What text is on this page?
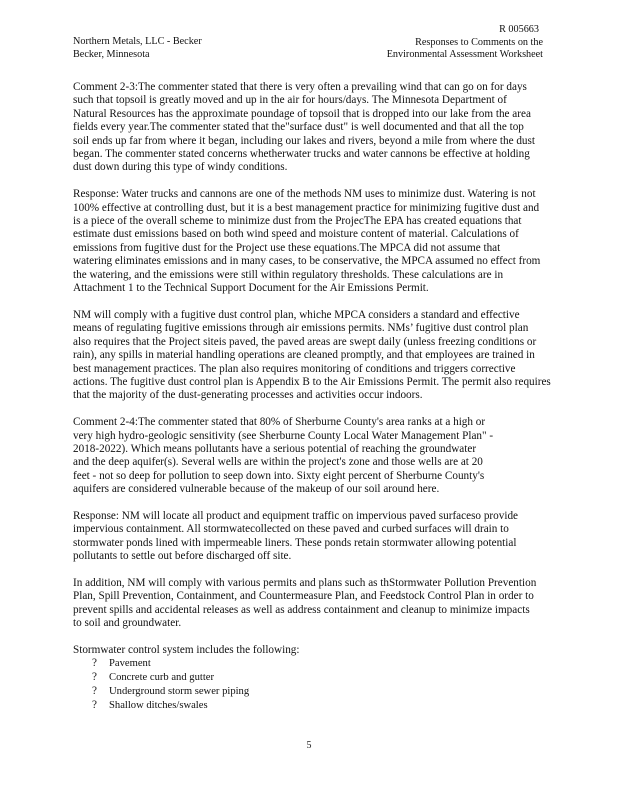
Northern Metals, LLC - Becker
Becker, Minnesota
R 005663
Responses to Comments on the
Environmental Assessment Worksheet

Comment 2-3:The commenter stated that there is very often a prevailing wind that can go on for days
such that topsoil is greatly moved and up in the air for hours/days. The Minnesota Department of
Natural Resources has the approximate poundage of topsoil that is dropped into our lake from the area
fields every year.The commenter stated that the"surface dust" is well documented and that all the top
soil ends up far from where it began, including our lakes and rivers, beyond a mile from where the dust
began. The commenter stated concerns whetherwater trucks and water cannons be effective at holding
dust down during this type of windy conditions.

Response: Water trucks and cannons are one of the methods NM uses to minimize dust. Watering is not
100% effective at controlling dust, but it is a best management practice for minimizing fugitive dust and
is a piece of the overall scheme to minimize dust from the ProjecThe EPA has created equations that
estimate dust emissions based on both wind speed and moisture content of material. Calculations of
emissions from fugitive dust for the Project use these equations.The MPCA did not assume that
watering eliminates emissions and in many cases, to be conservative, the MPCA assumed no effect from
the watering, and the emissions were still within regulatory thresholds. These calculations are in
Attachment 1 to the Technical Support Document for the Air Emissions Permit.

NM will comply with a fugitive dust control plan, whiche MPCA considers a standard and effective
means of regulating fugitive emissions through air emissions permits. NMs’ fugitive dust control plan
also requires that the Project siteis paved, the paved areas are swept daily (unless freezing conditions or
rain), any spills in material handling operations are cleaned promptly, and that employees are trained in
best management practices. The plan also requires monitoring of conditions and triggers corrective
actions. The fugitive dust control plan is Appendix B to the Air Emissions Permit. The permit also requires
that the majority of the dust-generating processes and activities occur indoors.

Comment 2-4:The commenter stated that 80% of Sherburne County's area ranks at a high or
very high hydro-geologic sensitivity (see Sherburne County Local Water Management Plan" -
2018-2022). Which means pollutants have a serious potential of reaching the groundwater
and the deep aquifer(s). Several wells are within the project's zone and those wells are at 20
feet - not so deep for pollution to seep down into. Sixty eight percent of Sherburne County's
aquifers are considered vulnerable because of the makeup of our soil around here.

Response: NM will locate all product and equipment traffic on impervious paved surfaceso provide
impervious containment. All stormwatecollected on these paved and curbed surfaces will drain to
stormwater ponds lined with impermeable liners. These ponds retain stormwater allowing potential
pollutants to settle out before discharged off site.

In addition, NM will comply with various permits and plans such as thStormwater Pollution Prevention
Plan, Spill Prevention, Containment, and Countermeasure Plan, and Feedstock Control Plan in order to
prevent spills and accidental releases as well as address containment and cleanup to minimize impacts
to soil and groundwater.

Stormwater control system includes the following:
? Pavement
? Concrete curb and gutter
? Underground storm sewer piping
? Shallow ditches/swales
5
